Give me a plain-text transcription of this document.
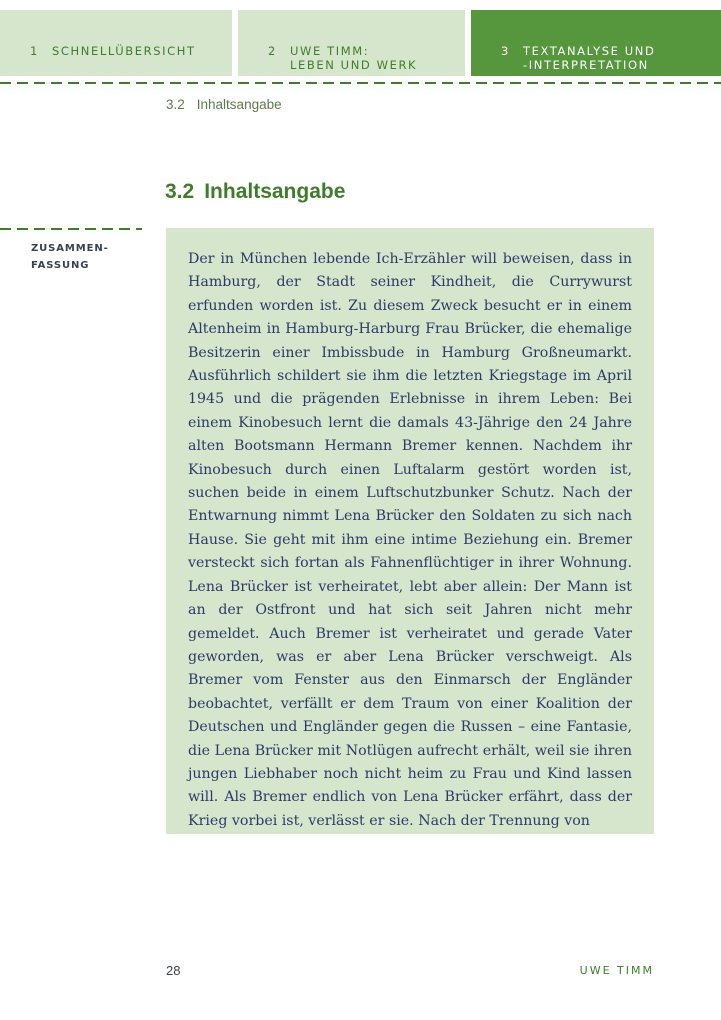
1 SCHNELLÜBERSICHT	2 UWE TIMM:
LEBEN UND WERK
3 TEXTANALYSE UND
-INTERPRETATION
3.2 Inhaltsangabe
3.2 Inhaltsangabe
ZUSAMMEN-
FASSUNG	Der in München lebende Ich-Erzähler will beweisen, dass in Hamburg, der Stadt seiner Kindheit, die Currywurst erfunden worden ist. Zu diesem Zweck besucht er in einem Altenheim in Hamburg-Harburg Frau Brücker, die ehemalige Besitzerin einer Imbissbude in Hamburg Großneumarkt. Ausführlich schildert sie ihm die letzten Kriegstage im April 1945 und die prägenden Erlebnisse in ihrem Leben: Bei einem Kinobesuch lernt die damals 43-Jährige den 24 Jahre alten Bootsmann Hermann Bremer kennen. Nachdem ihr Kinobesuch durch einen Luftalarm gestört worden ist, suchen beide in einem Luftschutzbunker Schutz. Nach der Entwarnung nimmt Lena Brücker den Soldaten zu sich nach Hause. Sie geht mit ihm eine intime Beziehung ein. Bremer versteckt sich fortan als Fahnenflüchtiger in ihrer Wohnung. Lena Brücker ist verheiratet, lebt aber allein: Der Mann ist an der Ostfront und hat sich seit Jahren nicht mehr gemeldet. Auch Bremer ist verheiratet und gerade Vater geworden, was er aber Lena Brücker verschweigt. Als Bremer vom Fenster aus den Einmarsch der Engländer beobachtet, verfällt er dem Traum von einer Koalition der Deutschen und Engländer gegen die Russen – eine Fantasie, die Lena Brücker mit Notlügen aufrecht erhält, weil sie ihren jungen Liebhaber noch nicht heim zu Frau und Kind lassen will. Als Bremer endlich von Lena Brücker erfährt, dass der Krieg vorbei ist, verlässt er sie. Nach der Trennung von

28	UWE TIMM
